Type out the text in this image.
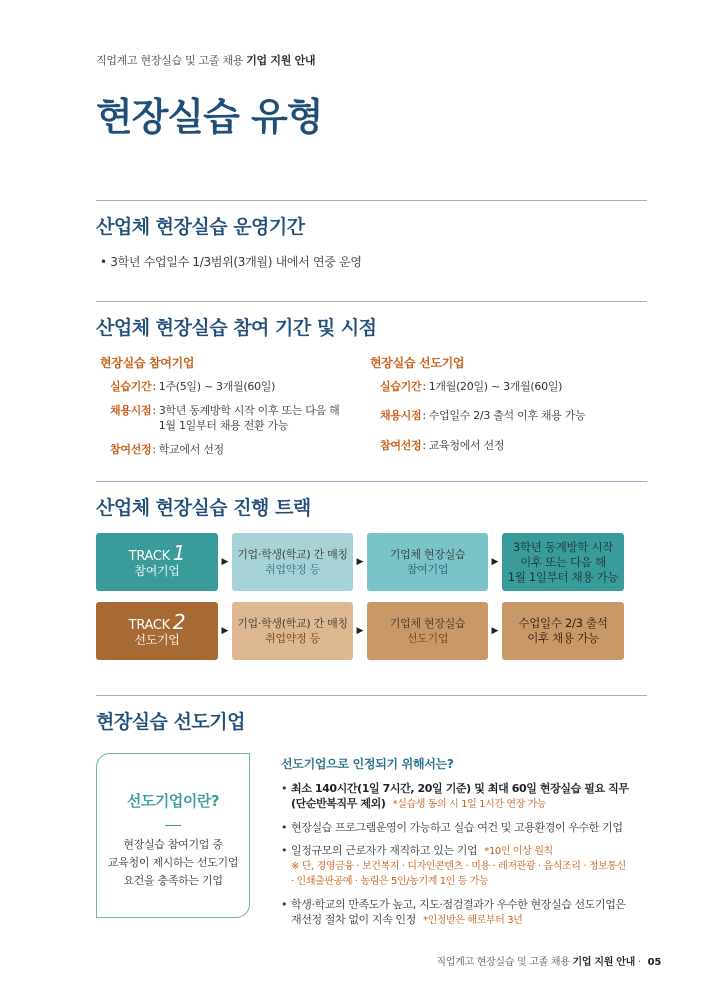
직업계고 현장실습 및 고졸 채용 기업 지원 안내
현장실습 유형
산업체 현장실습 운영기간
• 3학년 수업일수 1/3범위(3개월) 내에서 연중 운영
산업체 현장실습 참여 기간 및 시점
현장실습 참여기업
실습기간 : 1주(5일) ~ 3개월(60일)
채용시점 : 3학년 동계방학 시작 이후 또는 다음 해 1월 1일부터 채용 전환 가능
참여선정 : 학교에서 선정
현장실습 선도기업
실습기간 : 1개월(20일) ~ 3개월(60일)
채용시점 : 수업일수 2/3 출석 이후 채용 가능
참여선정 : 교육청에서 선정
산업체 현장실습 진행 트랙
TRACK 1
참여기업
▶
기업·학생(학교) 간 매칭
취업약정 등
▶
기업체 현장실습
참여기업
▶
3학년 동계방학 시작
이후 또는 다음 해
1월 1일부터 채용 가능
TRACK 2
선도기업
▶
기업·학생(학교) 간 매칭
취업약정 등
▶
기업체 현장실습
선도기업
▶
수업일수 2/3 출석
이후 채용 가능
현장실습 선도기업
선도기업이란?
현장실습 참여기업 중
교육청이 제시하는 선도기업
요건을 충족하는 기업
선도기업으로 인정되기 위해서는?
• 최소 140시간(1일 7시간, 20일 기준) 및 최대 60일 현장실습 필요 직무 (단순반복직무 제외) *실습생 동의 시 1일 1시간 연장 가능
• 현장실습 프로그램운영이 가능하고 실습 여건 및 고용환경이 우수한 기업
• 일정규모의 근로자가 재직하고 있는 기업 *10인 이상 원칙
※ 단, 경영금융 · 보건복지 · 디자인콘텐츠 · 미용 · 레저관광 · 음식조리 · 정보통신 · 인쇄출판공예 · 농림은 5인/농기계 1인 등 가능
• 학생·학교의 만족도가 높고, 지도·점검결과가 우수한 현장실습 선도기업은 재선정 절차 없이 지속 인정 *인정받은 해로부터 3년
직업계고 현장실습 및 고졸 채용 기업 지원 안내 · 05
